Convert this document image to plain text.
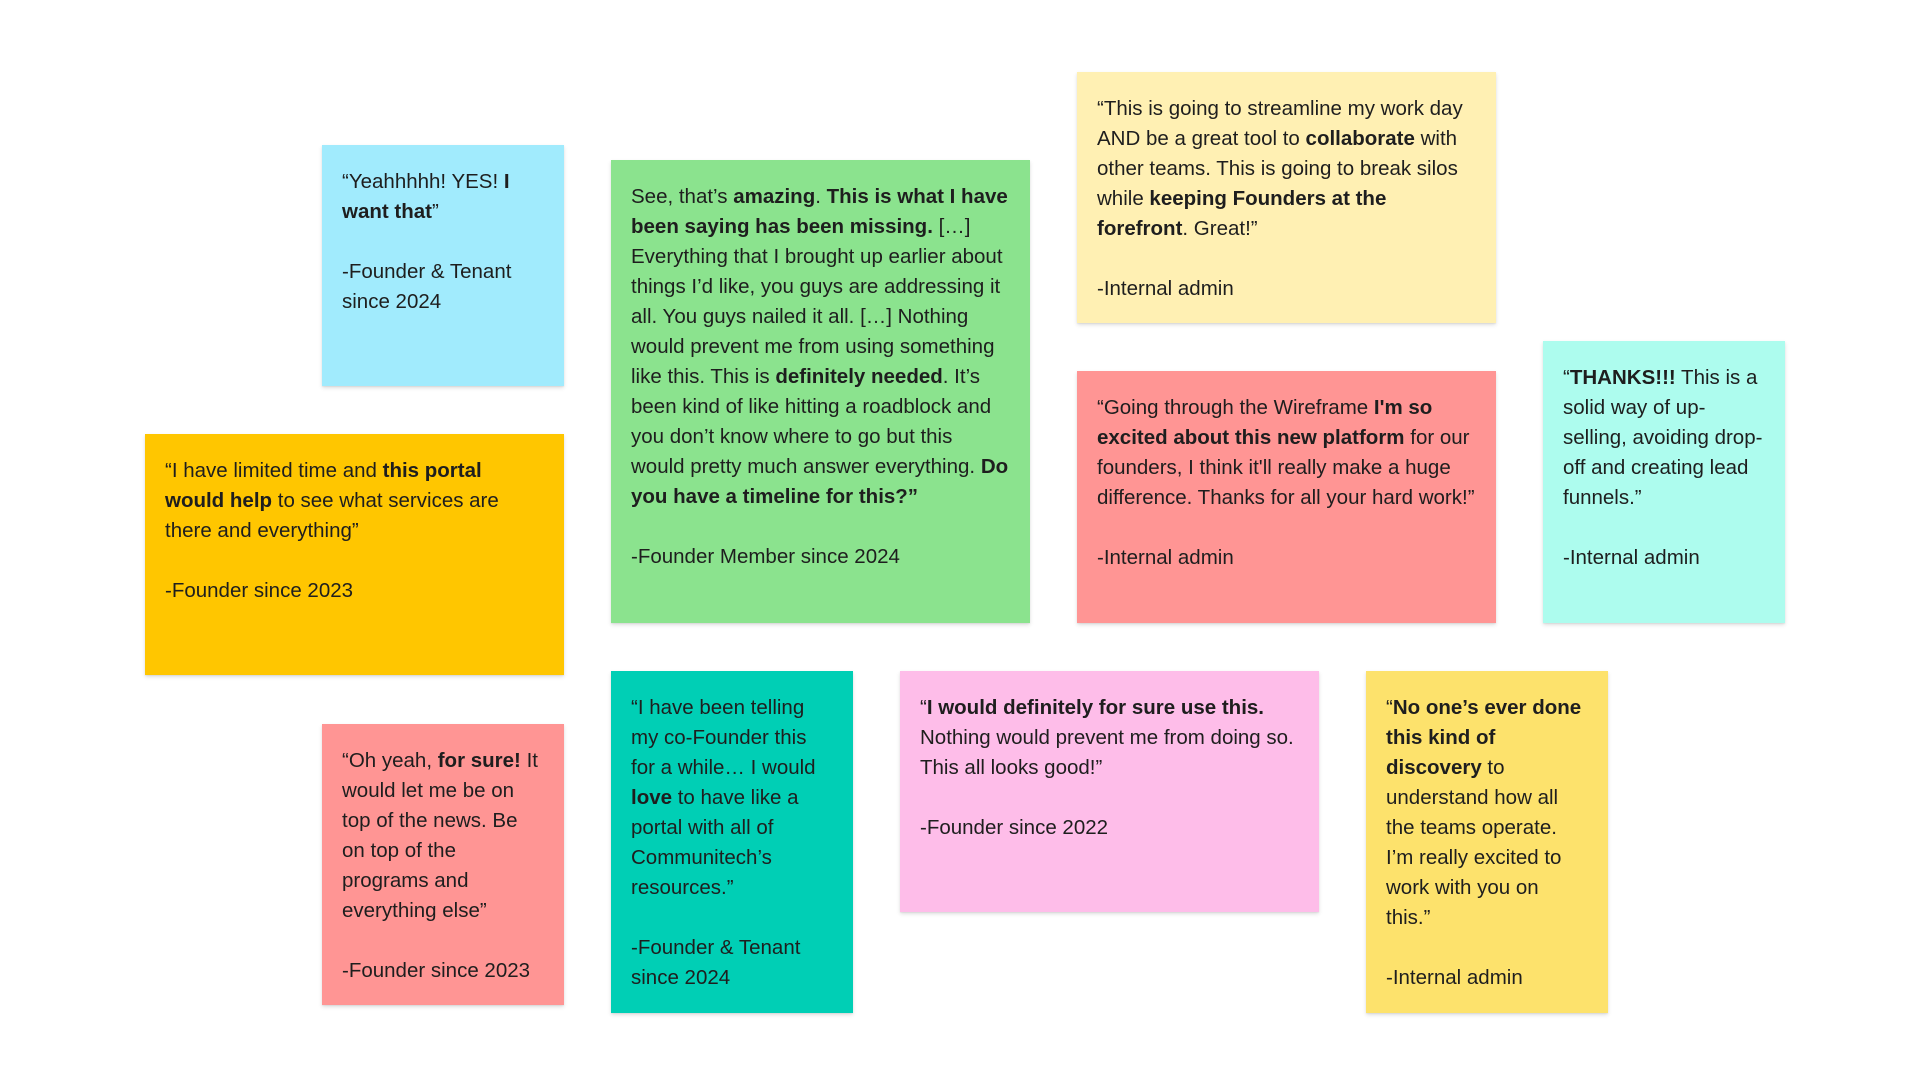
“Yeahhhhh! YES! I want that”

-Founder & Tenant since 2024

“I have limited time and this portal would help to see what services are there and everything”

-Founder since 2023

“Oh yeah, for sure! It would let me be on top of the news. Be on top of the programs and everything else”

-Founder since 2023

See, that’s amazing. This is what I have been saying has been missing. […] Everything that I brought up earlier about things I’d like, you guys are addressing it all. You guys nailed it all. […] Nothing would prevent me from using something like this. This is definitely needed. It’s been kind of like hitting a roadblock and you don’t know where to go but this would pretty much answer everything. Do you have a timeline for this?”

-Founder Member since 2024

“I have been telling my co-Founder this for a while… I would love to have like a portal with all of Communitech’s resources.”

-Founder & Tenant since 2024

“This is going to streamline my work day AND be a great tool to collaborate with other teams. This is going to break silos while keeping Founders at the forefront. Great!”

-Internal admin

“Going through the Wireframe I'm so excited about this new platform for our founders, I think it'll really make a huge difference. Thanks for all your hard work!”

-Internal admin

“I would definitely for sure use this. Nothing would prevent me from doing so. This all looks good!”

-Founder since 2022

“THANKS!!! This is a solid way of up-selling, avoiding drop-off and creating lead funnels.”

-Internal admin

“No one’s ever done this kind of discovery to understand how all the teams operate. I’m really excited to work with you on this.”

-Internal admin
